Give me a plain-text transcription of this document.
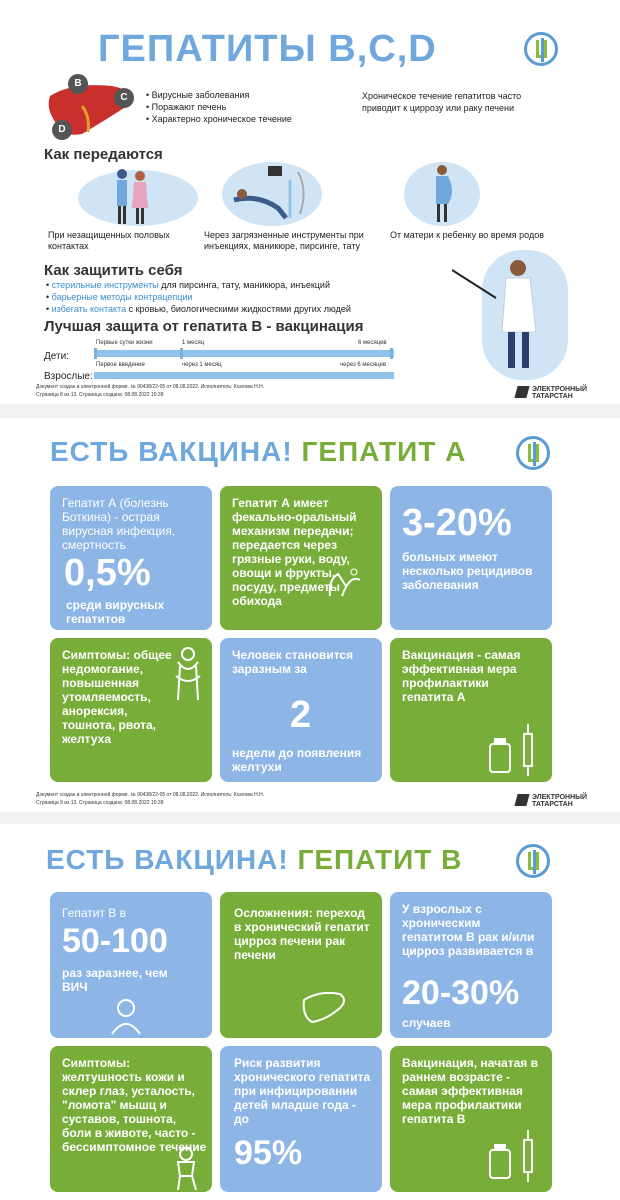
ГЕПАТИТЫ B,C,D
B
C
D
• Вирусные заболевания
• Поражают печень
• Характерно хроническое течение
Хроническое течение гепатитов часто приводит к циррозу или раку печени
Как передаются
При незащищенных половых контактах
Через загрязненные инструменты при инъекциях, маникюре, пирсинге, тату
От матери к ребенку во время родов
Как защитить себя
• стерильные инструменты для пирсинга, тату, маникюра, инъекций
• барьерные методы контрацепции
• избегать контакта с кровью, биологическими жидкостями других людей
Лучшая защита от гепатита В - вакцинация
Дети:
Взрослые:
Первые сутки жизни	1 месяц	6 месяцев
Первое введение	через 1 месяц	через 6 месяцев
Документ создан в электронной форме. № 90438/22-05 от 08.08.2022. Исполнитель: Козлова Н.Н.
Страница 8 из 13. Страница создана: 08.08.2022 10:38
ЭЛЕКТРОННЫЙ
ТАТАРСТАН
ЕСТЬ ВАКЦИНА! ГЕПАТИТ А
Гепатит А (болезнь Боткина) - острая вирусная инфекция, смертность
0,5%
среди вирусных гепатитов
Гепатит А имеет фекально-оральный механизм передачи; передается через грязные руки, воду, овощи и фрукты, посуду, предметы обихода
3-20%
больных имеют несколько рецидивов заболевания
Симптомы: общее недомогание, повышенная утомляемость, анорексия, тошнота, рвота, желтуха
Человек становится заразным за
2
недели до появления желтухи
Вакцинация - самая эффективная мера профилактики гепатита А
Документ создан в электронной форме. № 90438/22-05 от 08.08.2022. Исполнитель: Козлова Н.Н.
Страница 9 из 13. Страница создана: 08.08.2022 10:38
ЭЛЕКТРОННЫЙ
ТАТАРСТАН
ЕСТЬ ВАКЦИНА! ГЕПАТИТ В
Гепатит В в
50-100
раз заразнее, чем ВИЧ
Осложнения: переход в хронический гепатит цирроз печени рак печени
У взрослых с хроническим гепатитом В рак и/или цирроз развивается в
20-30%
случаев
Симптомы: желтушность кожи и склер глаз, усталость, "ломота" мышц и суставов, тошнота, боли в животе, часто - бессимптомное течение
Риск развития хронического гепатита при инфицировании детей младше года - до
95%
Вакцинация, начатая в раннем возрасте - самая эффективная мера профилактики гепатита В
